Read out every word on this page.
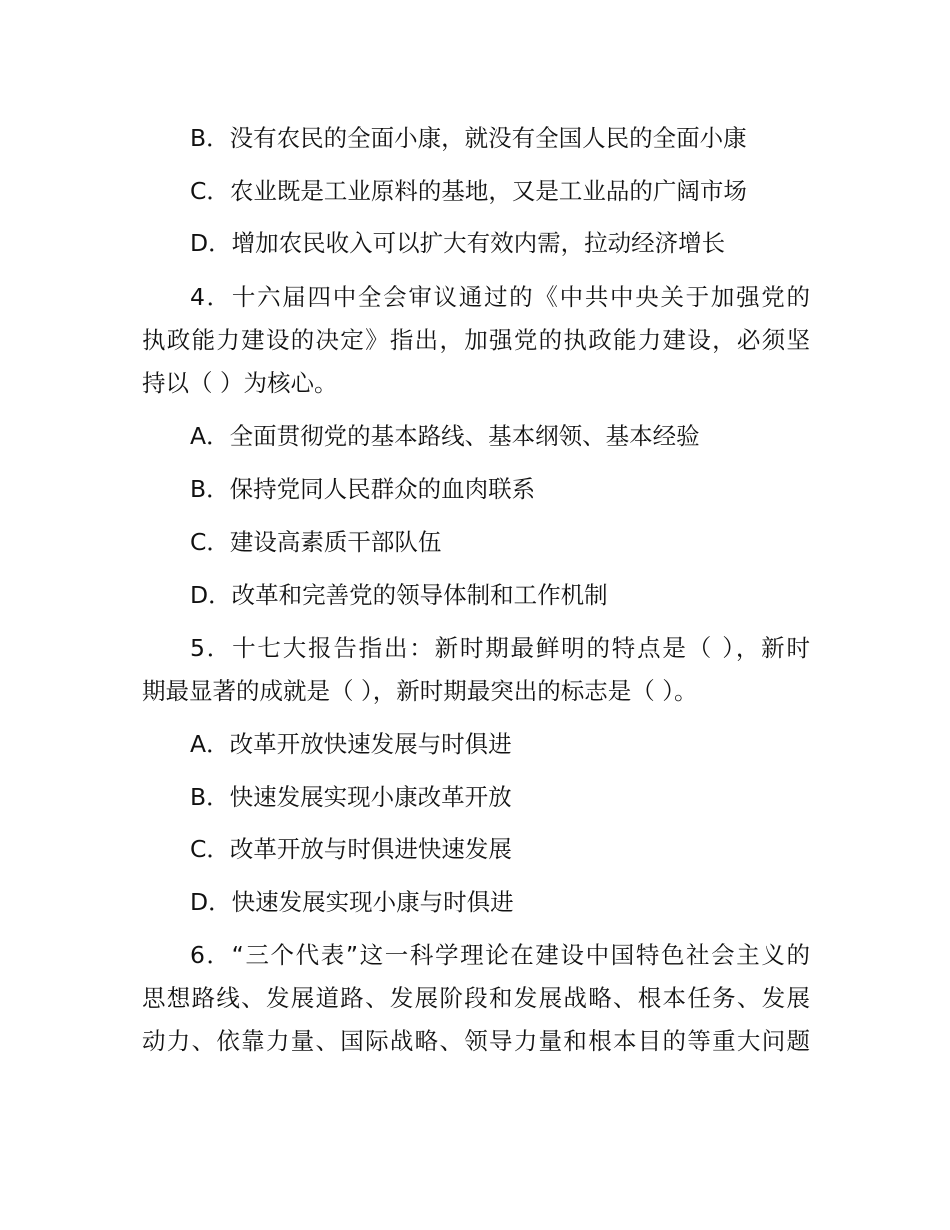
B．没有农民的全面小康，就没有全国人民的全面小康
C．农业既是工业原料的基地，又是工业品的广阔市场
D．增加农民收入可以扩大有效内需，拉动经济增长
4．十六届四中全会审议通过的《中共中央关于加强党的
执政能力建设的决定》指出，加强党的执政能力建设，必须坚
持以（ ）为核心。
A．全面贯彻党的基本路线、基本纲领、基本经验
B．保持党同人民群众的血肉联系
C．建设高素质干部队伍
D．改革和完善党的领导体制和工作机制
5．十七大报告指出：新时期最鲜明的特点是（ ），新时
期最显著的成就是（ ），新时期最突出的标志是（ ）。
A．改革开放快速发展与时俱进
B．快速发展实现小康改革开放
C．改革开放与时俱进快速发展
D．快速发展实现小康与时俱进
6．“三个代表”这一科学理论在建设中国特色社会主义的
思想路线、发展道路、发展阶段和发展战略、根本任务、发展
动力、依靠力量、国际战略、领导力量和根本目的等重大问题
